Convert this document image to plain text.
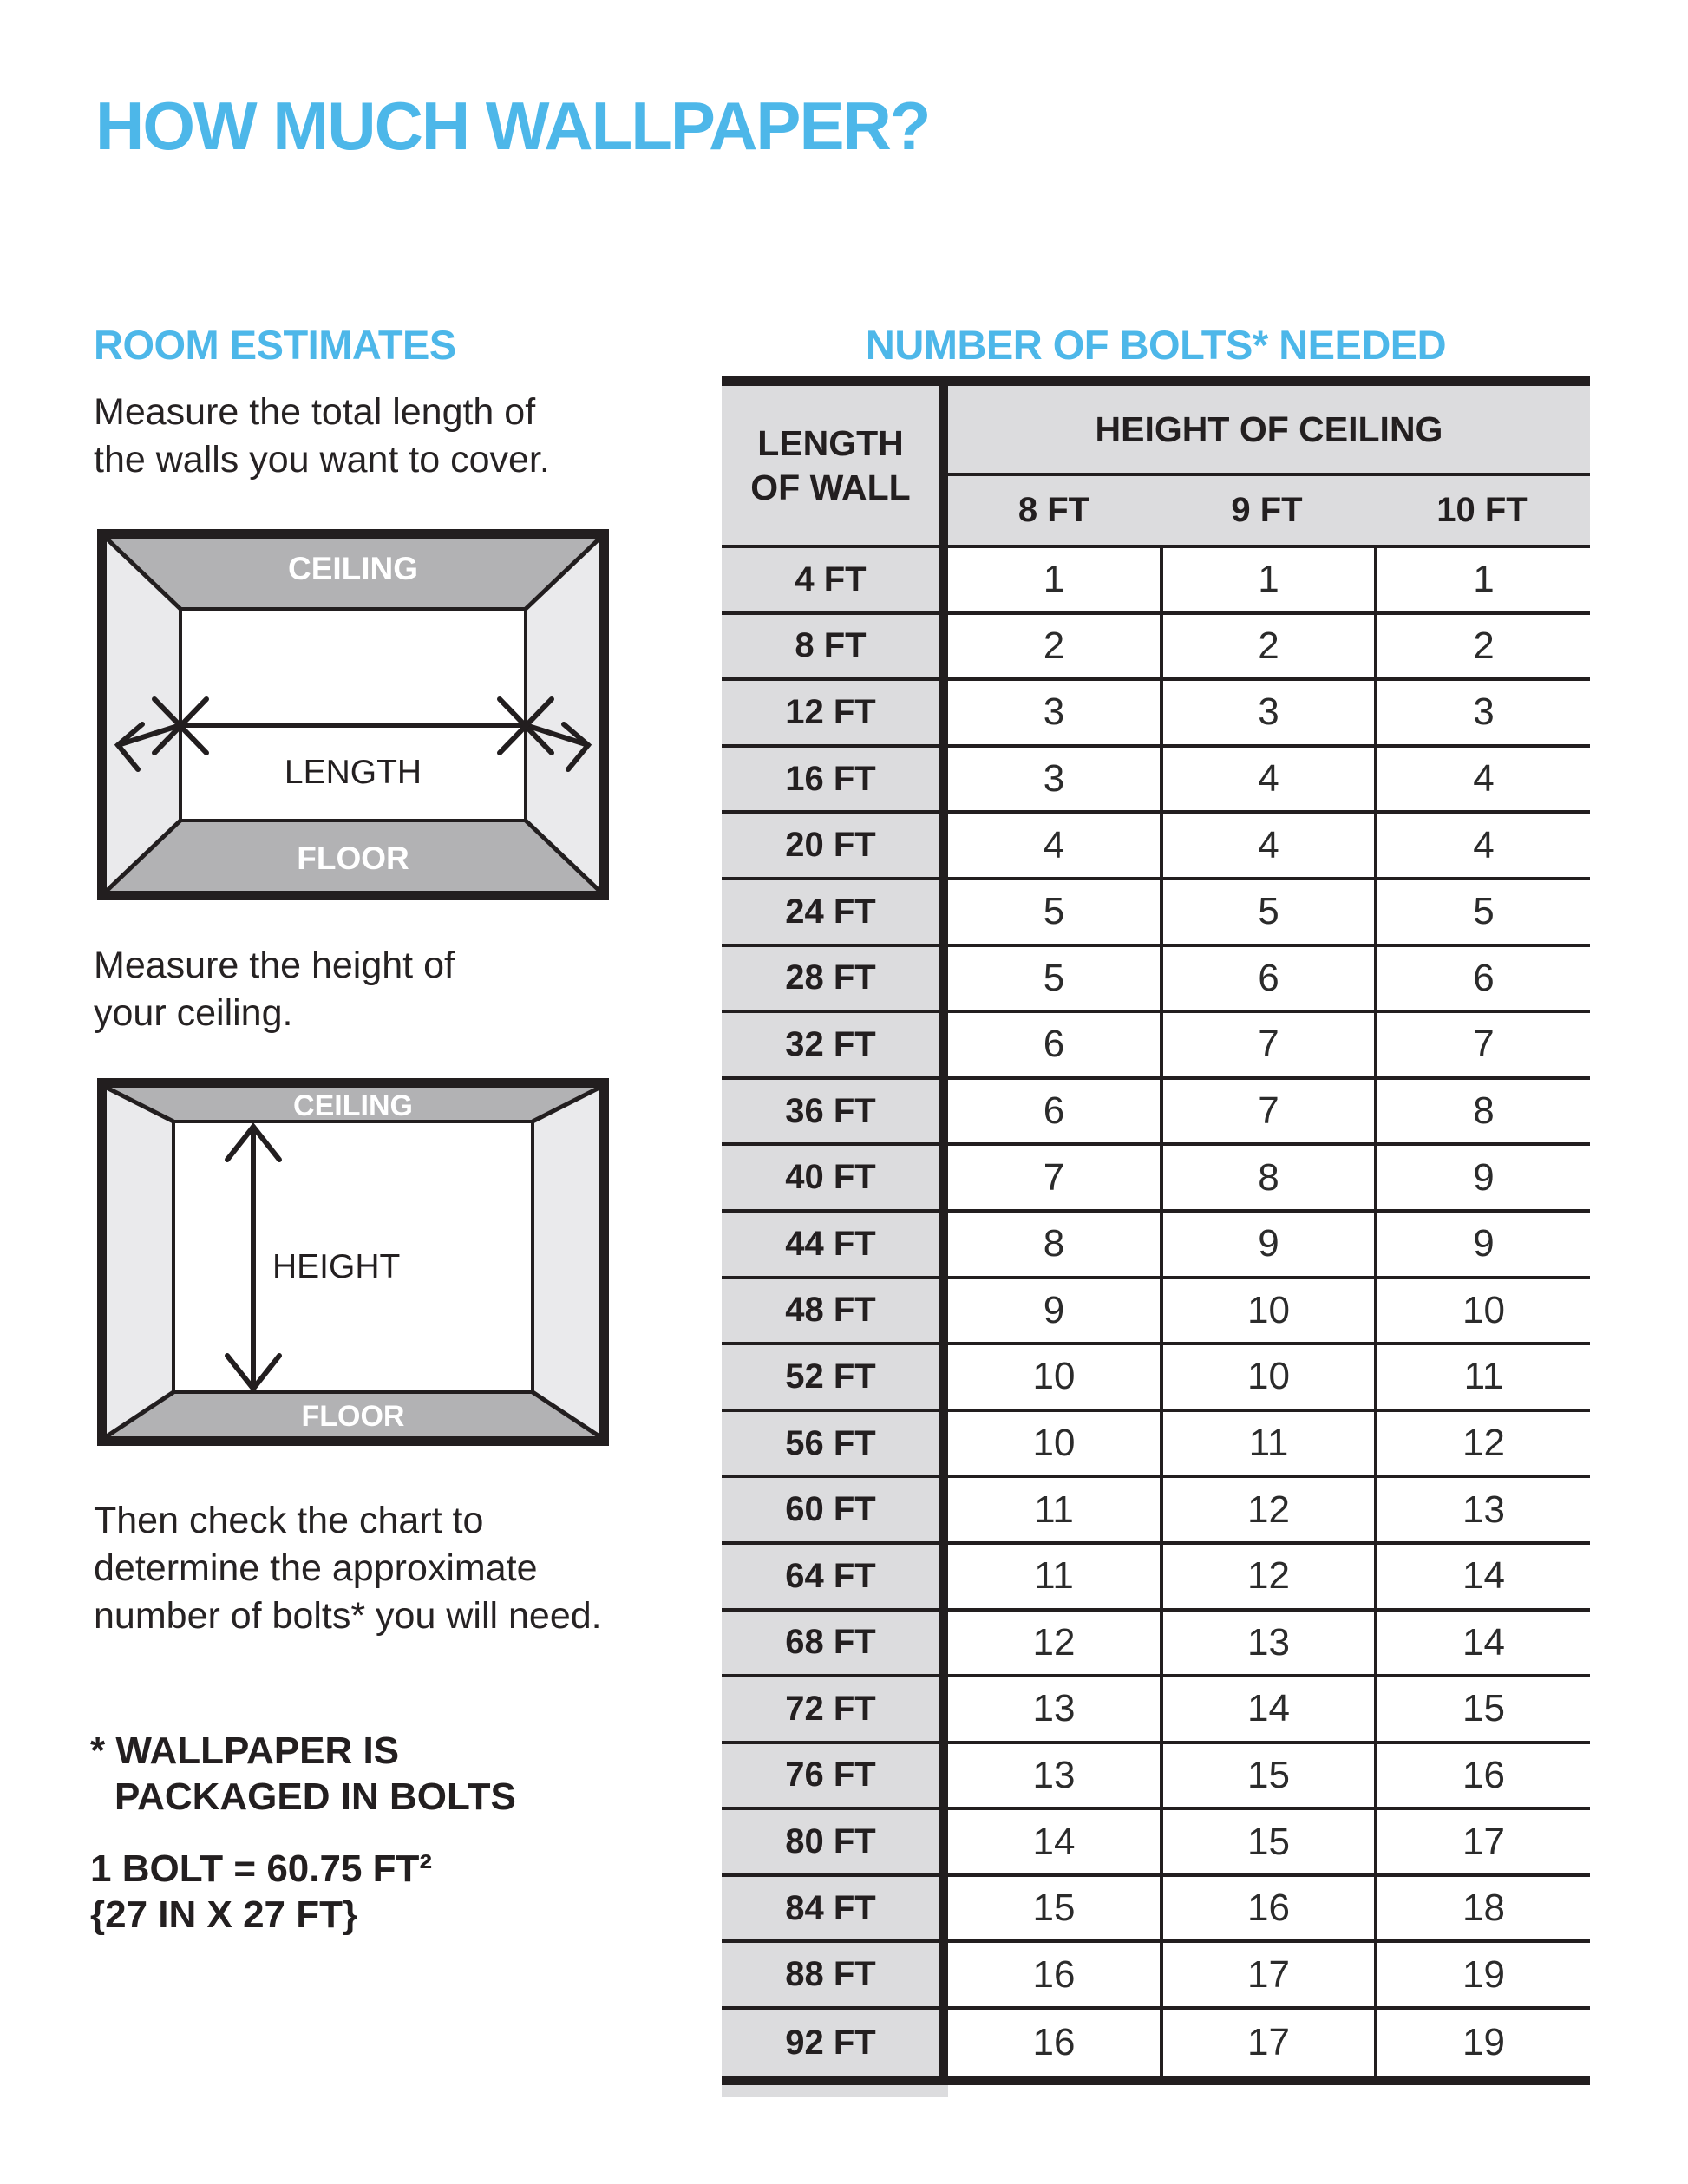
HOW MUCH WALLPAPER?
ROOM ESTIMATES
Measure the total length of
the walls you want to cover.
CEILING
FLOOR
LENGTH
Measure the height of
your ceiling.
CEILING
FLOOR
HEIGHT
Then check the chart to
determine the approximate
number of bolts* you will need.
* WALLPAPER IS
PACKAGED IN BOLTS
1 BOLT = 60.75 FT²
{27 IN X 27 FT}
NUMBER OF BOLTS* NEEDED
LENGTH
OF WALL
HEIGHT OF CEILING
8 FT	9 FT	10 FT
4 FT	1	1	1
8 FT	2	2	2
12 FT	3	3	3
16 FT	3	4	4
20 FT	4	4	4
24 FT	5	5	5
28 FT	5	6	6
32 FT	6	7	7
36 FT	6	7	8
40 FT	7	8	9
44 FT	8	9	9
48 FT	9	10	10
52 FT	10	10	11
56 FT	10	11	12
60 FT	11	12	13
64 FT	11	12	14
68 FT	12	13	14
72 FT	13	14	15
76 FT	13	15	16
80 FT	14	15	17
84 FT	15	16	18
88 FT	16	17	19
92 FT	16	17	19
